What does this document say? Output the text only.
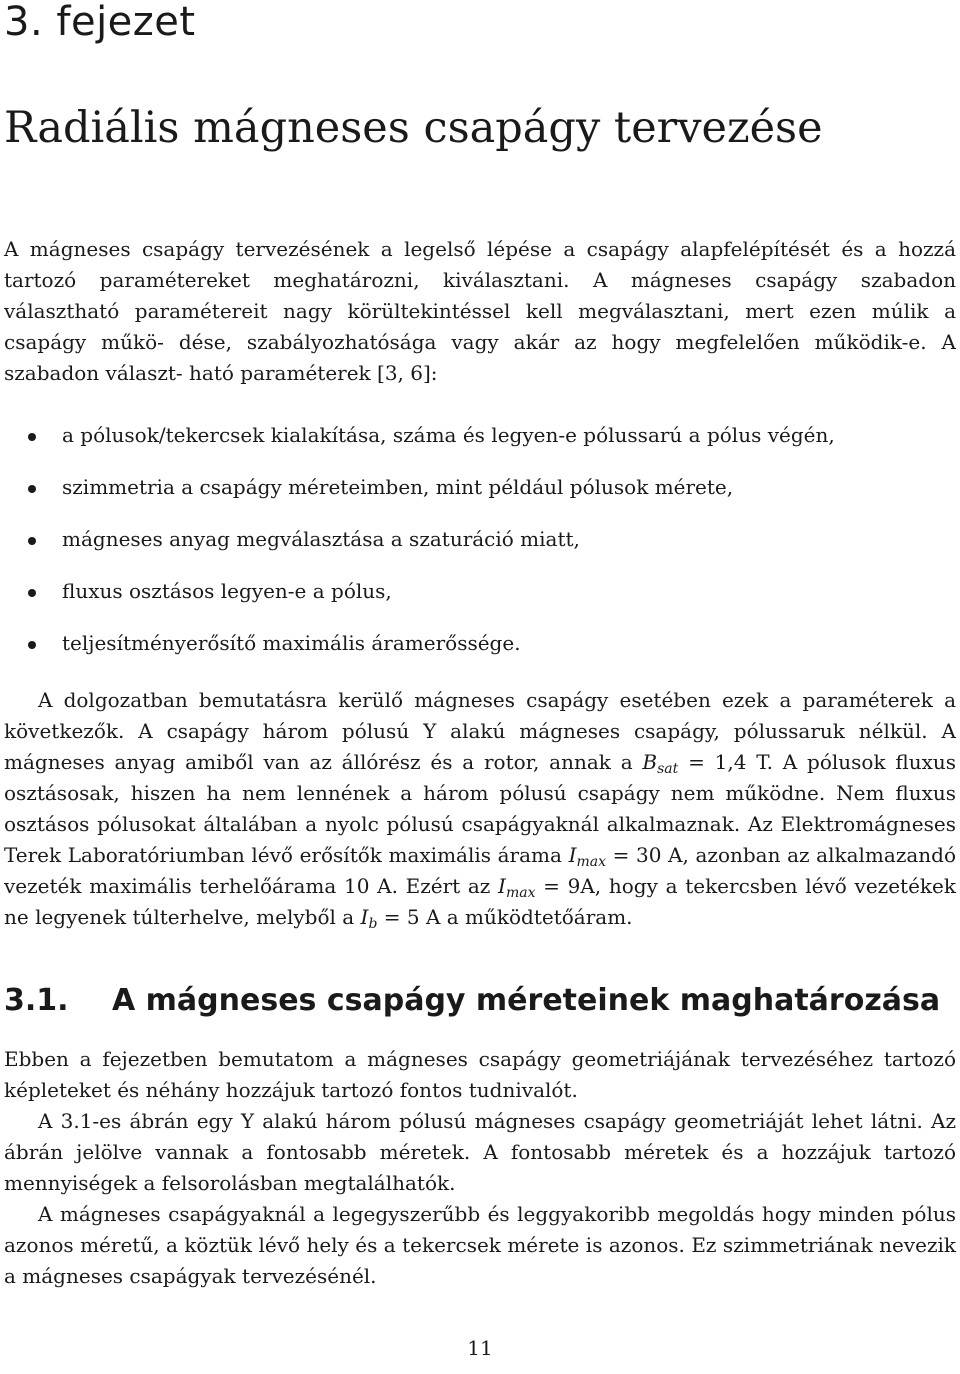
3. fejezet
Radiális mágneses csapágy tervezése

A mágneses csapágy tervezésének a legelső lépése a csapágy alapfelépítését és a hozzá tartozó paramétereket meghatározni, kiválasztani. A mágneses csapágy szabadon választható paramétereit nagy körültekintéssel kell megválasztani, mert ezen múlik a csapágy műkö- dése, szabályozhatósága vagy akár az hogy megfelelően működik-e. A szabadon választ- ható paraméterek [3, 6]:

a pólusok/tekercsek kialakítása, száma és legyen-e pólussarú a pólus végén,
szimmetria a csapágy méreteimben, mint például pólusok mérete,
mágneses anyag megválasztása a szaturáció miatt,
fluxus osztásos legyen-e a pólus,
teljesítményerősítő maximális áramerőssége.

A dolgozatban bemutatásra kerülő mágneses csapágy esetében ezek a paraméterek a következők. A csapágy három pólusú Y alakú mágneses csapágy, pólussaruk nélkül. A mágneses anyag amiből van az állórész és a rotor, annak a $B_{sat} = 1,4$ T. A pólusok fluxus osztásosak, hiszen ha nem lennének a három pólusú csapágy nem működne. Nem fluxus osztásos pólusokat általában a nyolc pólusú csapágyaknál alkalmaznak. Az Elektromágneses Terek Laboratóriumban lévő erősítők maximális árama $I_{max} = 30$ A, azonban az alkalmazandó vezeték maximális terhelőárama 10 A. Ezért az $I_{max} = 9A$, hogy a tekercsben lévő vezetékek ne legyenek túlterhelve, melyből a $I_b = 5$ A a működtetőáram.

3.1. A mágneses csapágy méreteinek maghatározása

Ebben a fejezetben bemutatom a mágneses csapágy geometriájának tervezéséhez tartozó képleteket és néhány hozzájuk tartozó fontos tudnivalót.

A 3.1-es ábrán egy Y alakú három pólusú mágneses csapágy geometriáját lehet látni. Az ábrán jelölve vannak a fontosabb méretek. A fontosabb méretek és a hozzájuk tartozó mennyiségek a felsorolásban megtalálhatók.

A mágneses csapágyaknál a legegyszerűbb és leggyakoribb megoldás hogy minden pólus azonos méretű, a köztük lévő hely és a tekercsek mérete is azonos. Ez szimmetriának nevezik a mágneses csapágyak tervezésénél.

11
